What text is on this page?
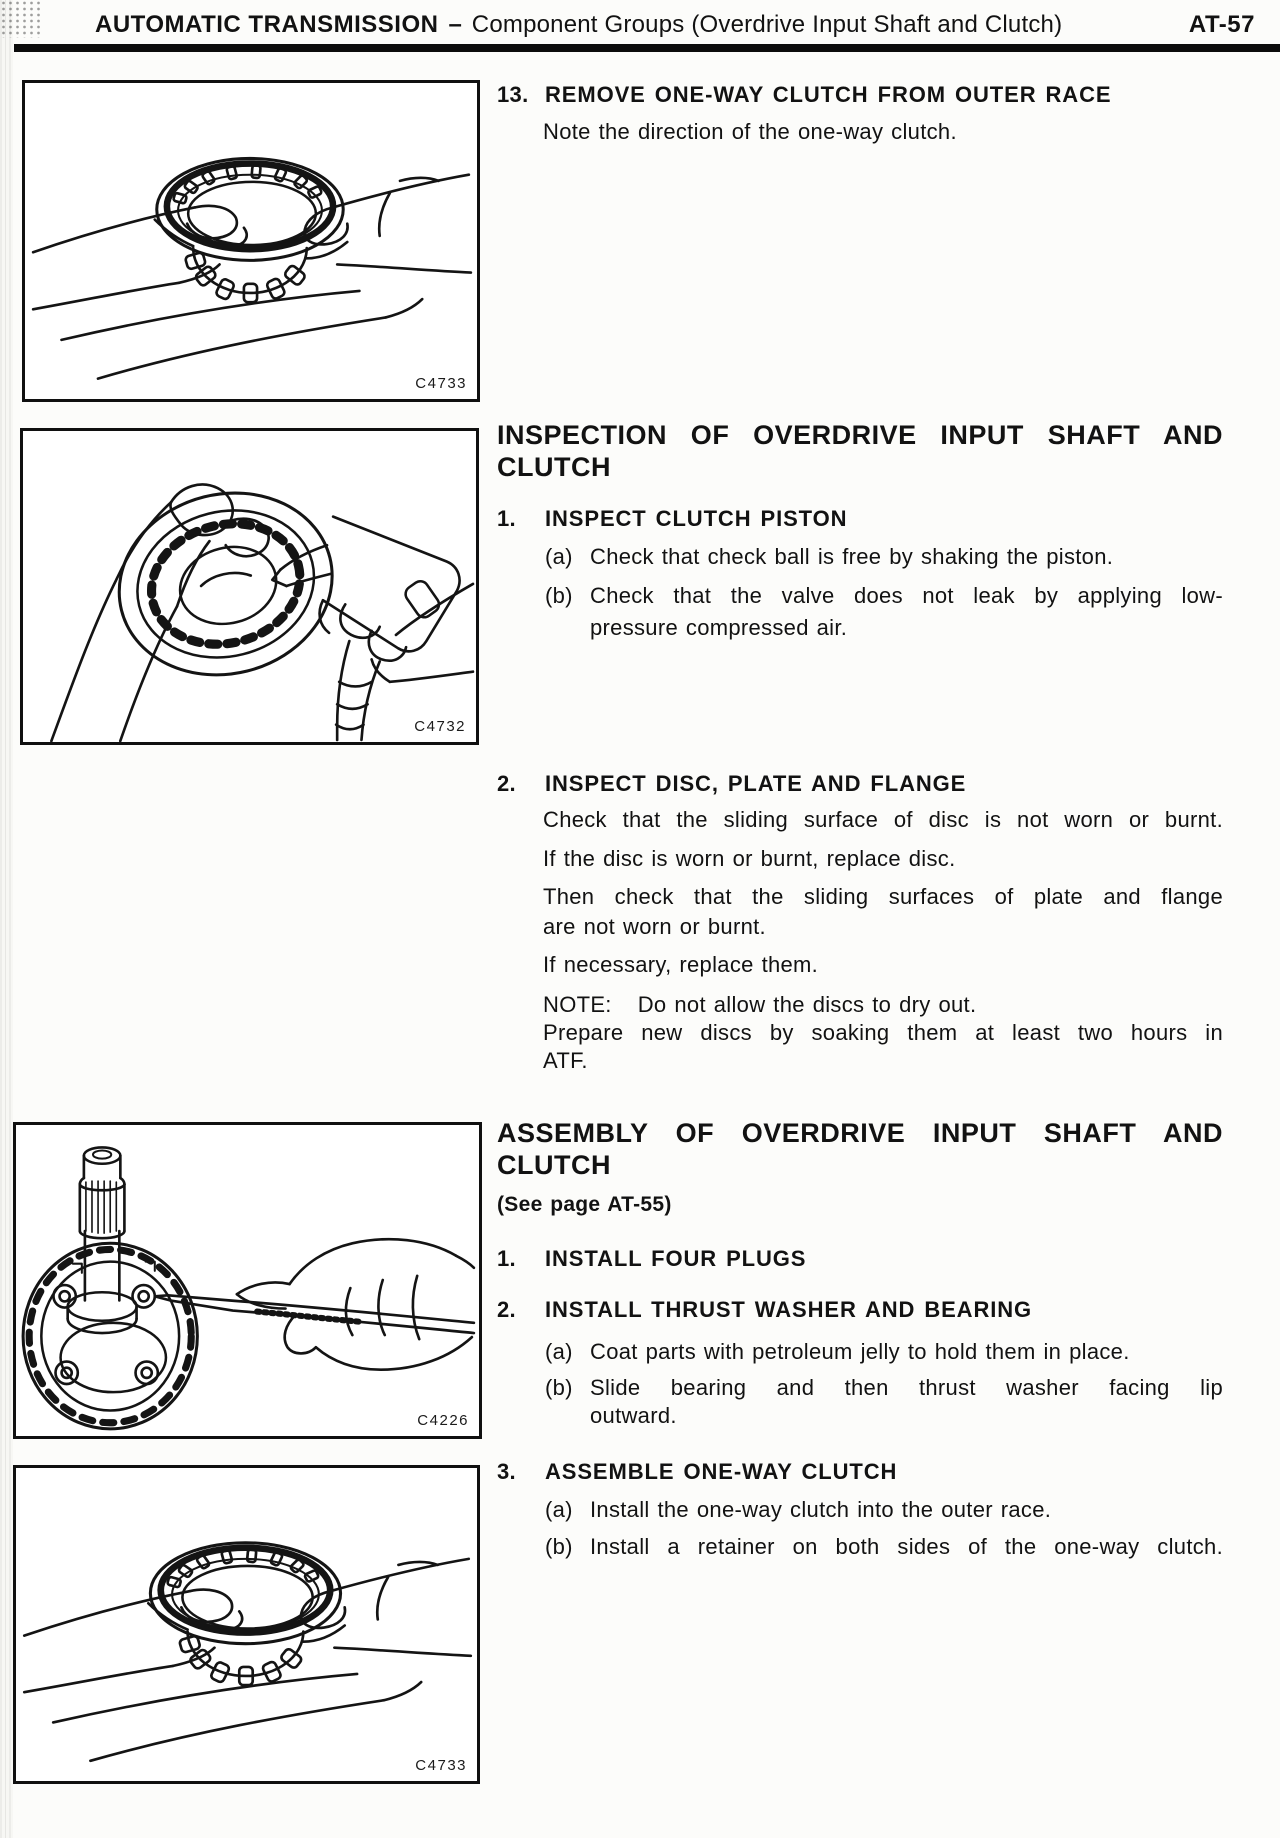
AUTOMATIC TRANSMISSION – Component Groups (Overdrive Input Shaft and Clutch)	AT-57
C4733
C4732
C4226
C4733
13. REMOVE ONE-WAY CLUTCH FROM OUTER RACE
Note the direction of the one-way clutch.
INSPECTION OF OVERDRIVE INPUT SHAFT AND
CLUTCH
1.	INSPECT CLUTCH PISTON
(a) Check that check ball is free by shaking the piston.
(b) Check that the valve does not leak by applying low-
pressure compressed air.
2.	INSPECT DISC, PLATE AND FLANGE
Check that the sliding surface of disc is not worn or burnt.
If the disc is worn or burnt, replace disc.
Then check that the sliding surfaces of plate and flange
are not worn or burnt.
If necessary, replace them.
NOTE: Do not allow the discs to dry out.
Prepare new discs by soaking them at least two hours in
ATF.
ASSEMBLY OF OVERDRIVE INPUT SHAFT AND
CLUTCH
(See page AT-55)
1.	INSTALL FOUR PLUGS
2.	INSTALL THRUST WASHER AND BEARING
(a) Coat parts with petroleum jelly to hold them in place.
(b) Slide bearing and then thrust washer facing lip
outward.
3.	ASSEMBLE ONE-WAY CLUTCH
(a) Install the one-way clutch into the outer race.
(b) Install a retainer on both sides of the one-way clutch.
